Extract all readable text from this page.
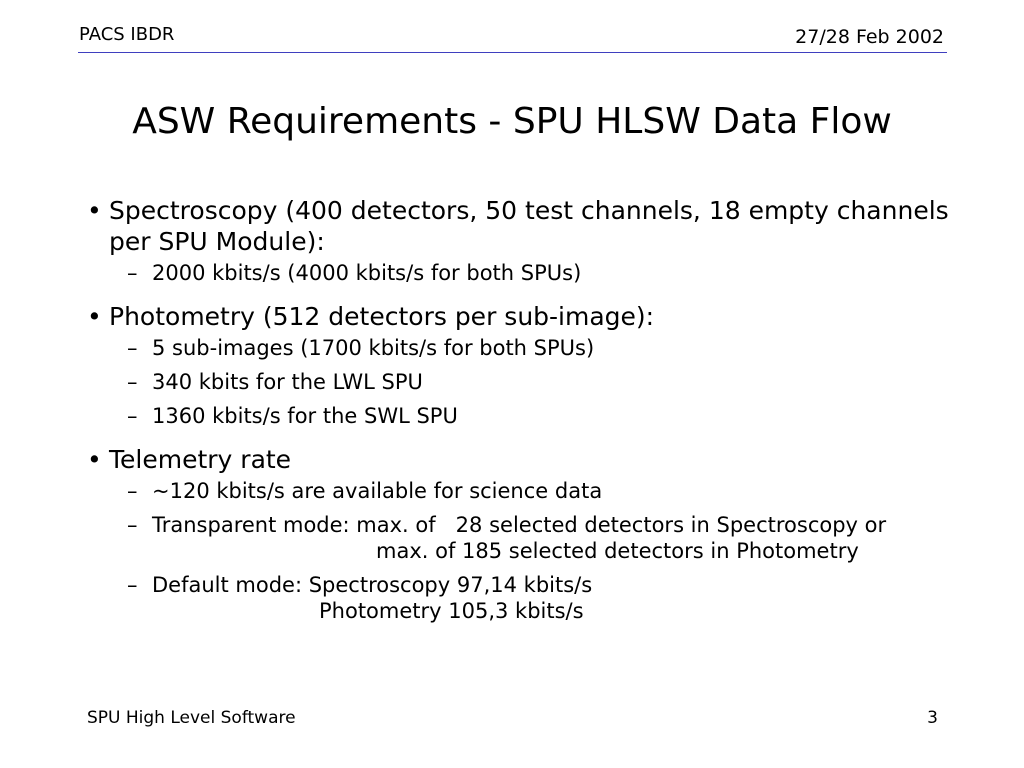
PACS IBDR	27/28 Feb 2002
ASW Requirements - SPU HLSW Data Flow
• Spectroscopy (400 detectors, 50 test channels, 18 empty channels
per SPU Module):
– 2000 kbits/s (4000 kbits/s for both SPUs)
• Photometry (512 detectors per sub-image):
– 5 sub-images (1700 kbits/s for both SPUs)
– 340 kbits for the LWL SPU
– 1360 kbits/s for the SWL SPU
• Telemetry rate
– ~120 kbits/s are available for science data
– Transparent mode: max. of   28 selected detectors in Spectroscopy or
max. of 185 selected detectors in Photometry
– Default mode: Spectroscopy 97,14 kbits/s
Photometry 105,3 kbits/s
SPU High Level Software	3
